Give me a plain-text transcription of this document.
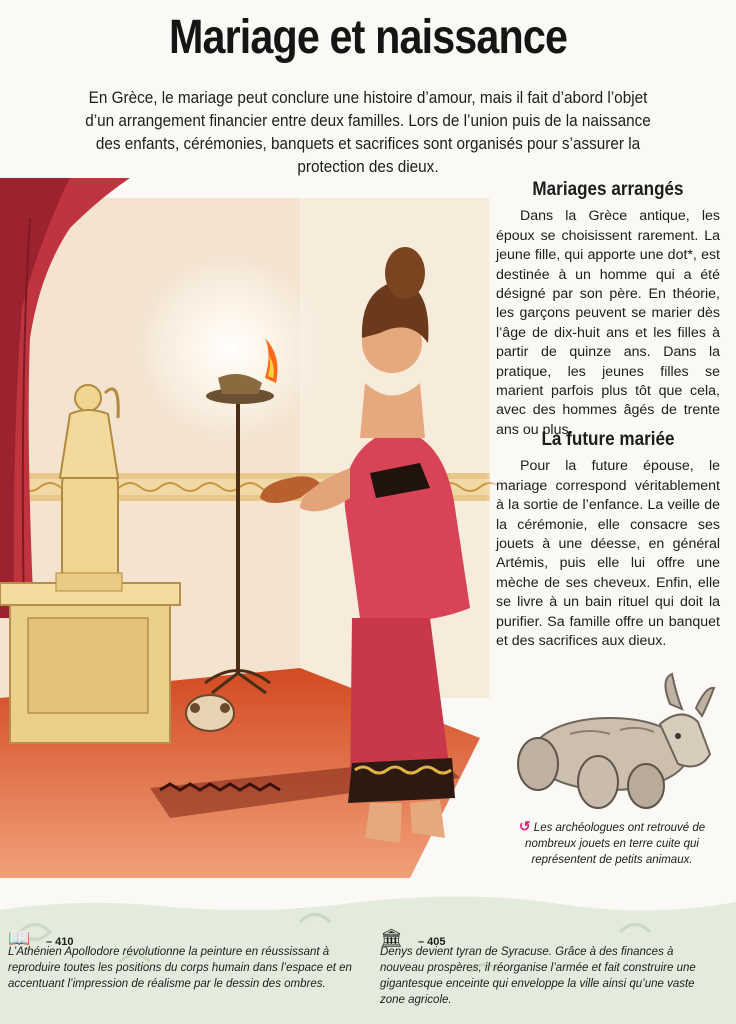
Mariage et naissance
En Grèce, le mariage peut conclure une histoire d’amour, mais il fait d’abord l’objet d’un arrangement financier entre deux familles. Lors de l’union puis de la naissance des enfants, cérémonies, banquets et sacrifices sont organisés pour s’assurer la protection des dieux.
Mariages arrangés

Dans la Grèce antique, les époux se choisissent rarement. La jeune fille, qui apporte une dot*, est destinée à un homme qui a été désigné par son père. En théorie, les garçons peuvent se marier dès l’âge de dix-huit ans et les filles à partir de quinze ans. Dans la pratique, les jeunes filles se marient parfois plus tôt que cela, avec des hommes âgés de trente ans ou plus.

La future mariée

Pour la future épouse, le mariage correspond véritablement à la sortie de l’enfance. La veille de la cérémonie, elle consacre ses jouets à une déesse, en général Artémis, puis elle lui offre une mèche de ses cheveux. Enfin, elle se livre à un bain rituel qui doit la purifier. Sa famille offre un banquet et des sacrifices aux dieux.

↺ Les archéologues ont retrouvé de nombreux jouets en terre cuite qui représentent de petits animaux.
📖 – 410
L’Athénien Apollodore révolutionne la peinture en réussissant à reproduire toutes les positions du corps humain dans l’espace et en accentuant l’impression de réalisme par le dessin des ombres.
🏛 – 405
Denys devient tyran de Syracuse. Grâce à des finances à nouveau prospères, il réorganise l’armée et fait construire une gigantesque enceinte qui enveloppe la ville ainsi qu’une vaste zone agricole.
